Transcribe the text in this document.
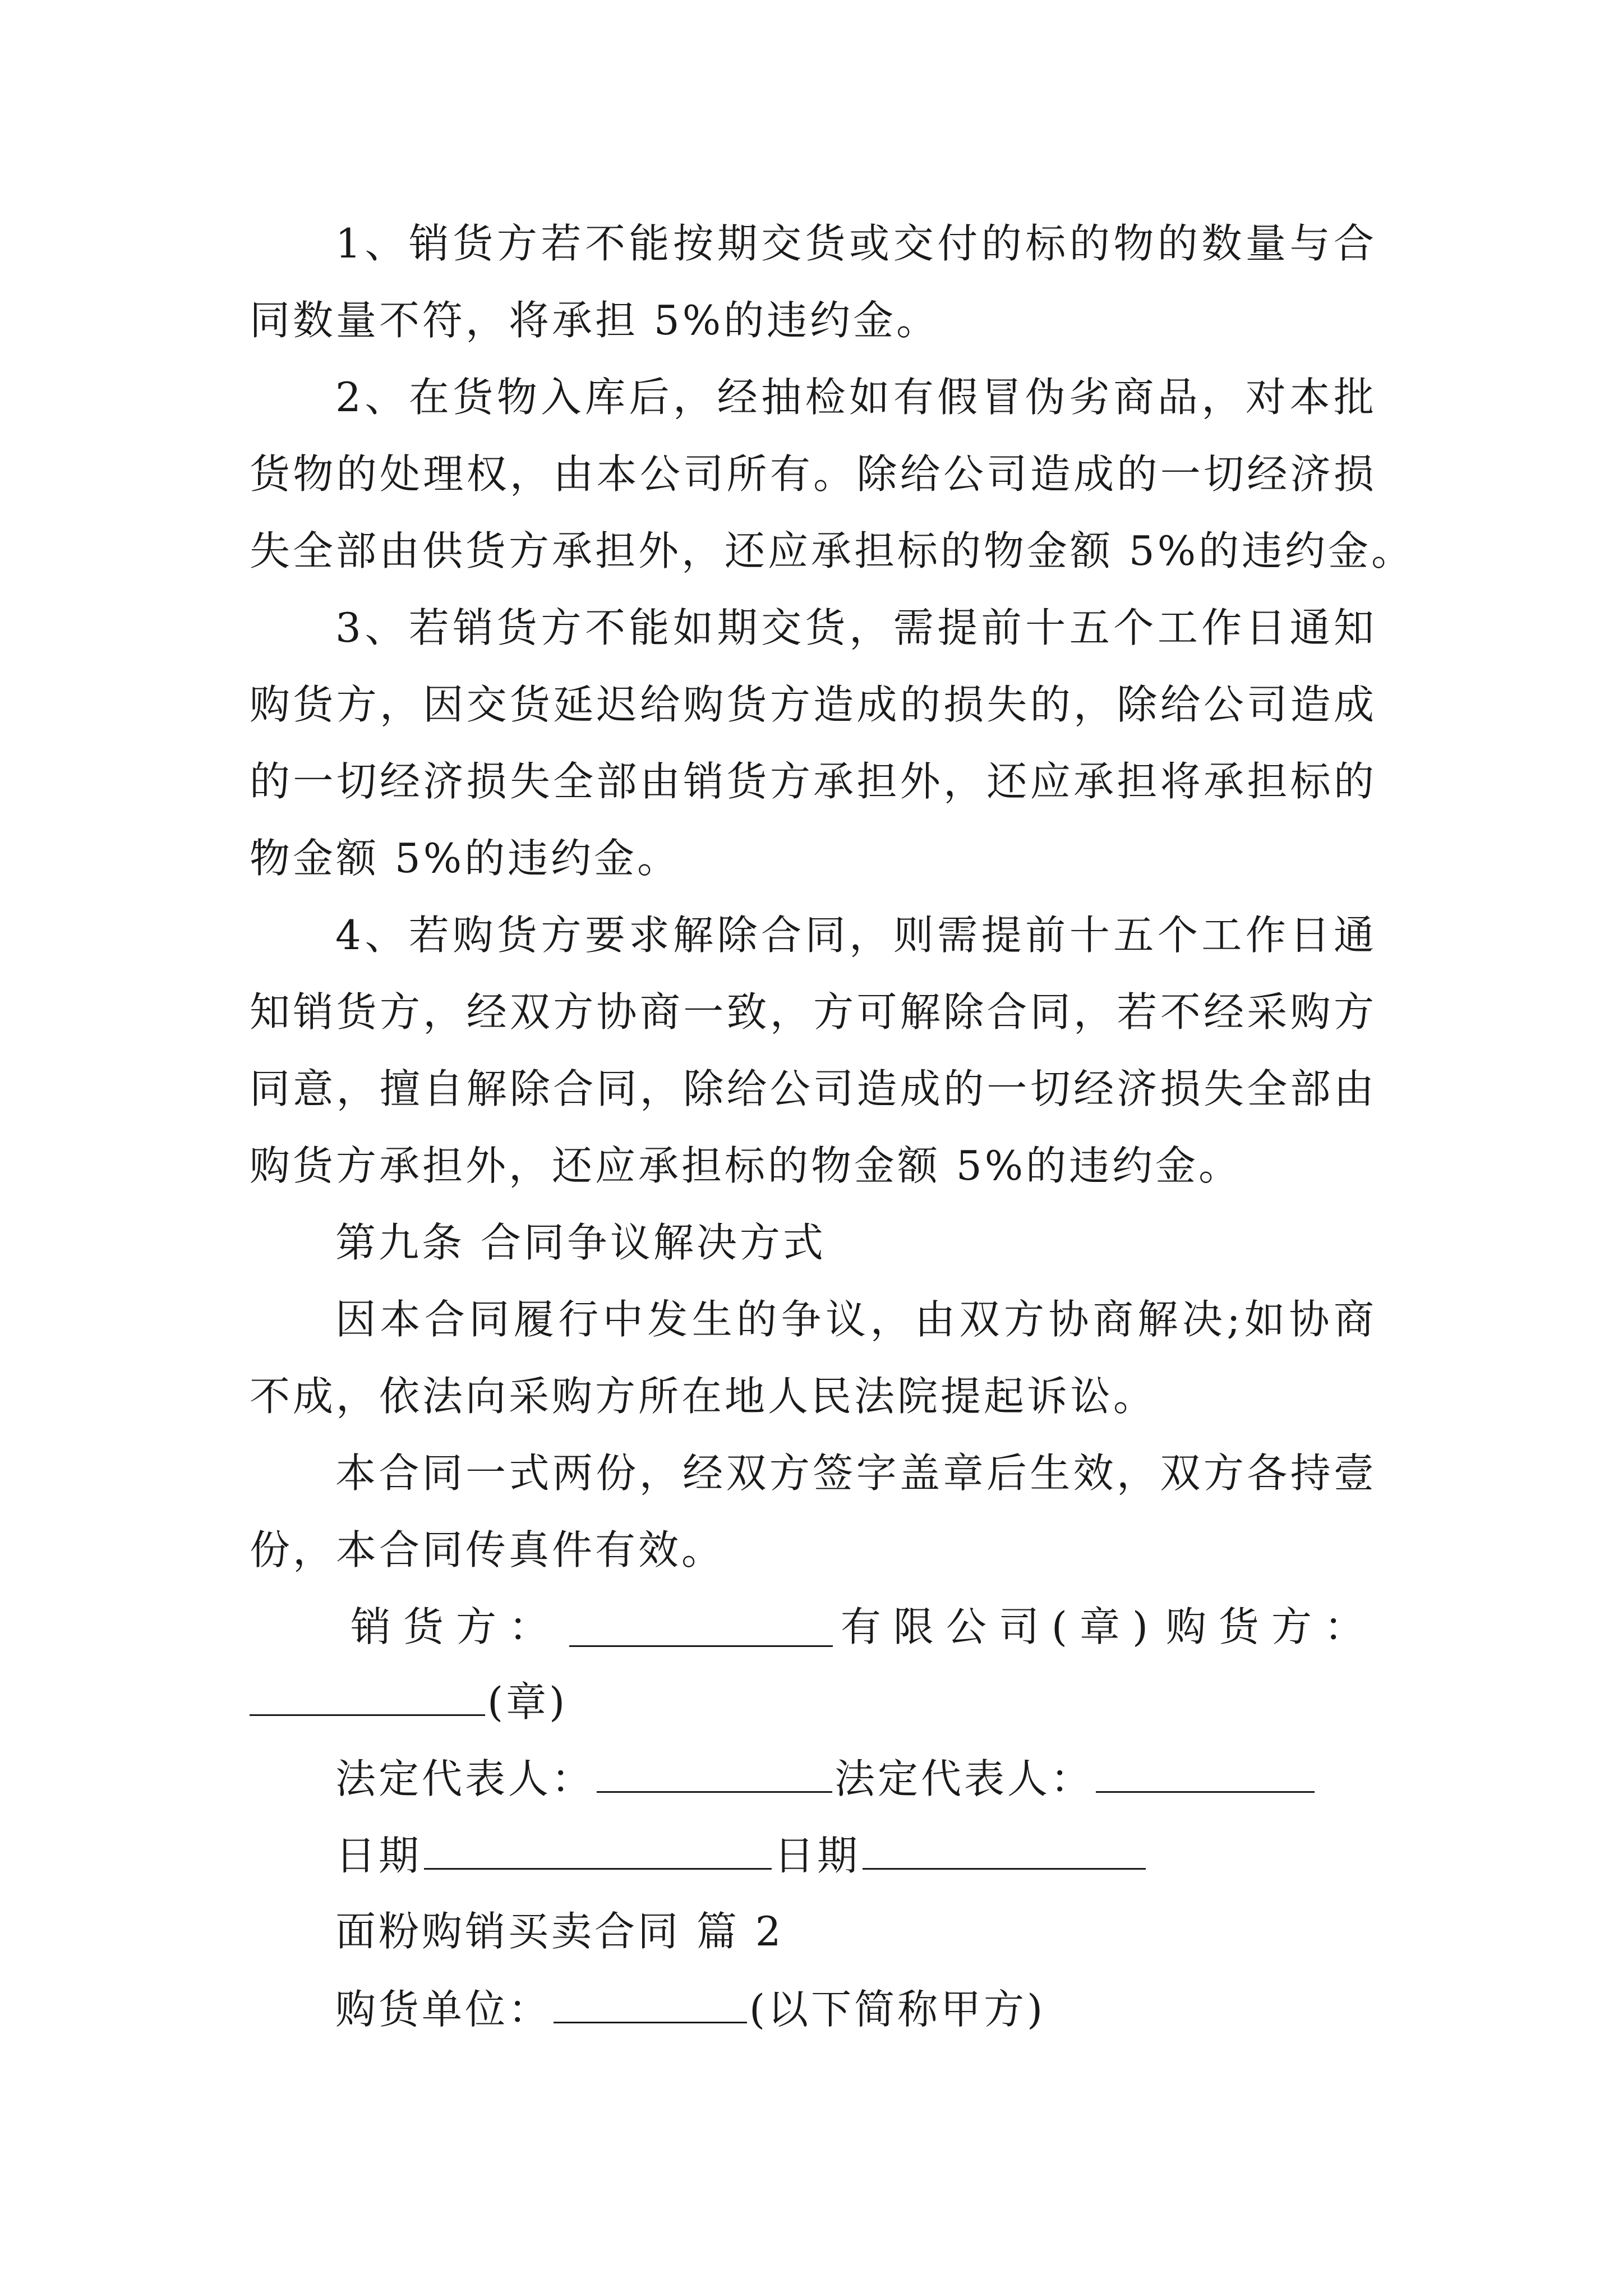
1、销货方若不能按期交货或交付的标的物的数量与合
同数量不符，将承担 5%的违约金。
2、在货物入库后，经抽检如有假冒伪劣商品，对本批
货物的处理权，由本公司所有。除给公司造成的一切经济损
失全部由供货方承担外，还应承担标的物金额 5%的违约金。
3、若销货方不能如期交货，需提前十五个工作日通知
购货方，因交货延迟给购货方造成的损失的，除给公司造成
的一切经济损失全部由销货方承担外，还应承担将承担标的
物金额 5%的违约金。
4、若购货方要求解除合同，则需提前十五个工作日通
知销货方，经双方协商一致，方可解除合同，若不经采购方
同意，擅自解除合同，除给公司造成的一切经济损失全部由
购货方承担外，还应承担标的物金额 5%的违约金。
第九条 合同争议解决方式
因本合同履行中发生的争议，由双方协商解决;如协商
不成，依法向采购方所在地人民法院提起诉讼。
本合同一式两份，经双方签字盖章后生效，双方各持壹
份，本合同传真件有效。
销货方：	有限公司(章) 购货方：
(章)
法定代表人：	法定代表人：
日期	日期
面粉购销买卖合同 篇 2
购货单位：	(以下简称甲方)
